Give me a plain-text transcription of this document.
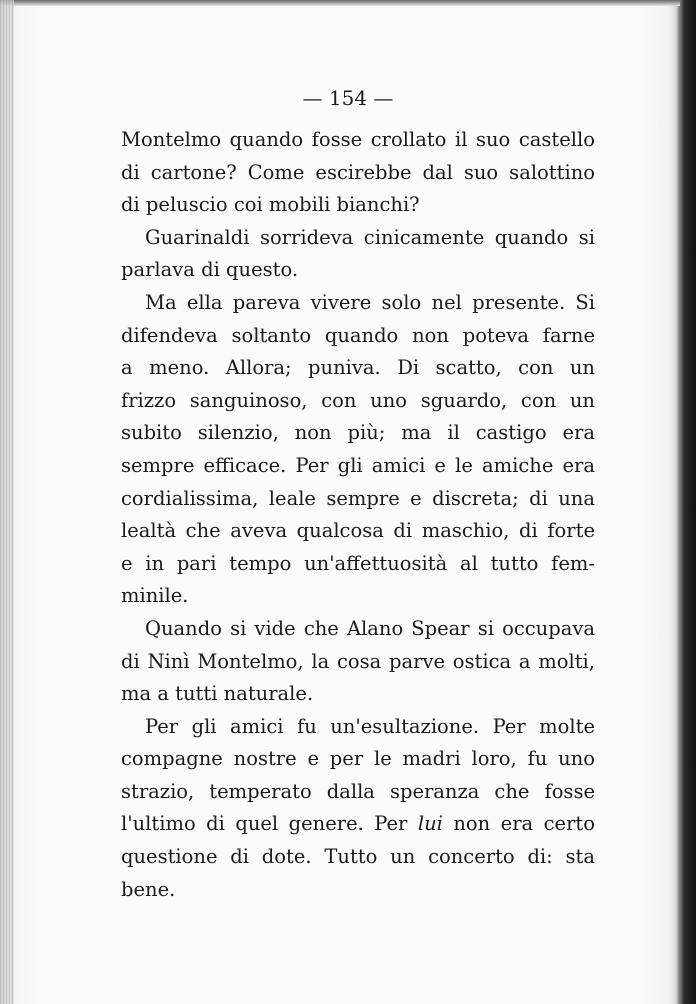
— 154 —
Montelmo quando fosse crollato il suo castello
di cartone? Come escirebbe dal suo salottino
di peluscio coi mobili bianchi?
Guarinaldi sorrideva cinicamente quando si
parlava di questo.
Ma ella pareva vivere solo nel presente. Si
difendeva soltanto quando non poteva farne
a meno. Allora; puniva. Di scatto, con un
frizzo sanguinoso, con uno sguardo, con un
subito silenzio, non più; ma il castigo era
sempre efficace. Per gli amici e le amiche era
cordialissima, leale sempre e discreta; di una
lealtà che aveva qualcosa di maschio, di forte
e in pari tempo un'affettuosità al tutto fem-
minile.
Quando si vide che Alano Spear si occupava
di Ninì Montelmo, la cosa parve ostica a molti,
ma a tutti naturale.
Per gli amici fu un'esultazione. Per molte
compagne nostre e per le madri loro, fu uno
strazio, temperato dalla speranza che fosse
l'ultimo di quel genere. Per lui non era certo
questione di dote. Tutto un concerto di: sta
bene.
